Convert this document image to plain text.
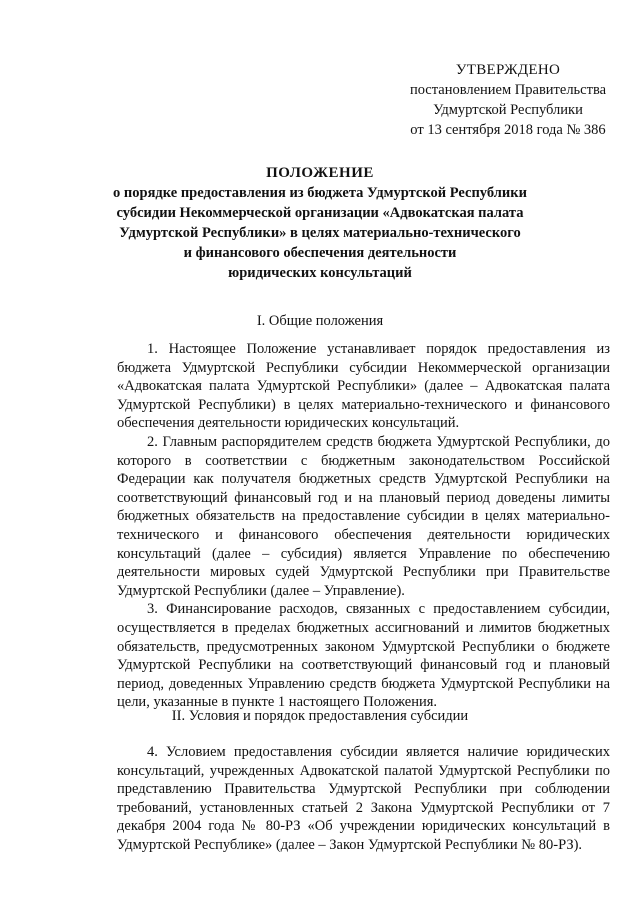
УТВЕРЖДЕНО
постановлением Правительства
Удмуртской Республики
от 13 сентября 2018 года № 386
ПОЛОЖЕНИЕ
о порядке предоставления из бюджета Удмуртской Республики
субсидии Некоммерческой организации «Адвокатская палата
Удмуртской Республики» в целях материально-технического
и финансового обеспечения деятельности
юридических консультаций
I. Общие положения

1. Настоящее Положение устанавливает порядок предоставления из бюджета Удмуртской Республики субсидии Некоммерческой организации «Адвокатская палата Удмуртской Республики» (далее – Адвокатская палата Удмуртской Республики) в целях материально-технического и финансового обеспечения деятельности юридических консультаций.

2. Главным распорядителем средств бюджета Удмуртской Республики, до которого в соответствии с бюджетным законодательством Российской Федерации как получателя бюджетных средств Удмуртской Республики на соответствующий финансовый год и на плановый период доведены лимиты бюджетных обязательств на предоставление субсидии в целях материально-технического и финансового обеспечения деятельности юридических консультаций (далее – субсидия) является Управление по обеспечению деятельности мировых судей Удмуртской Республики при Правительстве Удмуртской Республики (далее – Управление).

3. Финансирование расходов, связанных с предоставлением субсидии, осуществляется в пределах бюджетных ассигнований и лимитов бюджетных обязательств, предусмотренных законом Удмуртской Республики о бюджете Удмуртской Республики на соответствующий финансовый год и плановый период, доведенных Управлению средств бюджета Удмуртской Республики на цели, указанные в пункте 1 настоящего Положения.

II. Условия и порядок предоставления субсидии

4. Условием предоставления субсидии является наличие юридических консультаций, учрежденных Адвокатской палатой Удмуртской Республики по представлению Правительства Удмуртской Республики при соблюдении требований, установленных статьей 2 Закона Удмуртской Республики от 7 декабря 2004 года № 80-РЗ «Об учреждении юридических консультаций в Удмуртской Республике» (далее – Закон Удмуртской Республики № 80-РЗ).
